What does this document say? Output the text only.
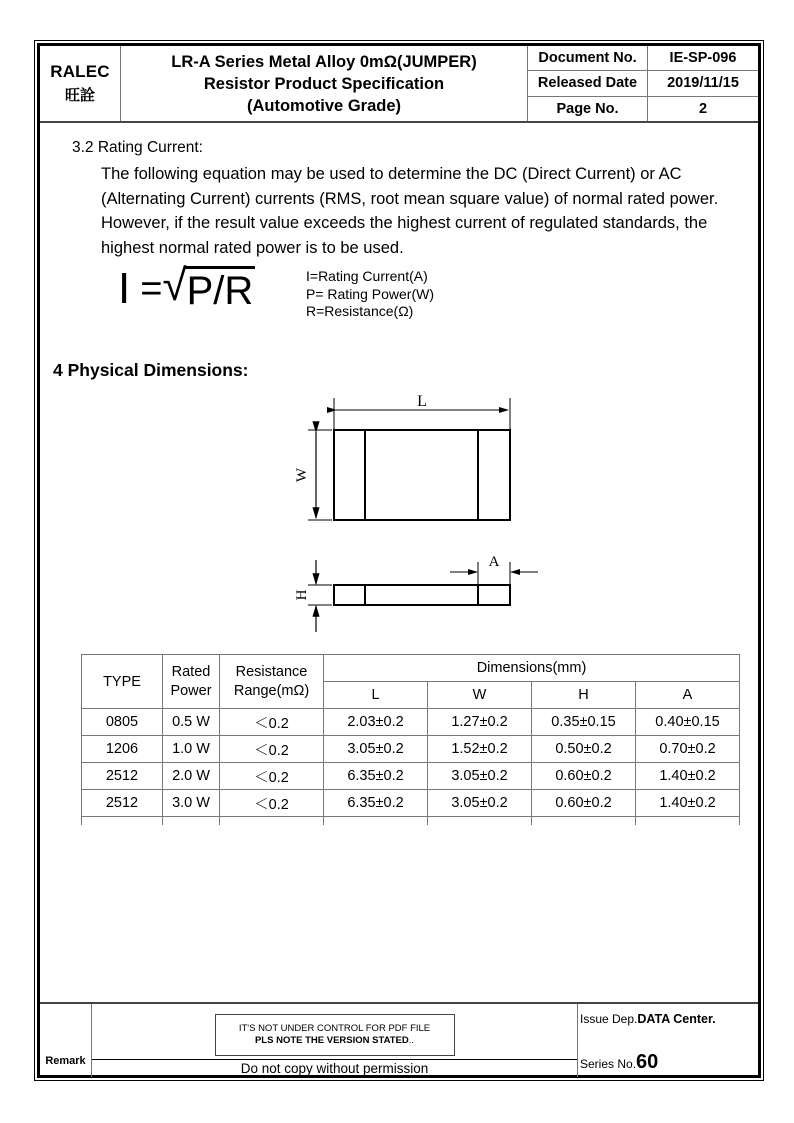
RALEC
旺詮
LR-A Series Metal Alloy 0mΩ(JUMPER)
Resistor Product Specification
(Automotive Grade)
Document No.	IE-SP-096
Released Date	2019/11/15
Page No.	2
3.2 Rating Current:
The following equation may be used to determine the DC (Direct Current) or AC (Alternating Current) currents (RMS, root mean square value) of normal rated power. However, if the result value exceeds the highest current of regulated standards, the highest normal rated power is to be used.
I = √ P/R	I=Rating Current(A)
P= Rating Power(W)
R=Resistance(Ω)
4 Physical Dimensions:
L
W
H
A
TYPE	
Rated
Power

Resistance
Range(mΩ)
	Dimensions(mm)
			L	W	H	A
0805	0.5 W	＜0.2	2.03±0.2	1.27±0.2	0.35±0.15	0.40±0.15
1206	1.0 W	＜0.2	3.05±0.2	1.52±0.2	0.50±0.2	0.70±0.2
2512	2.0 W	＜0.2	6.35±0.2	3.05±0.2	0.60±0.2	1.40±0.2
2512	3.0 W	＜0.2	6.35±0.2	3.05±0.2	0.60±0.2	1.40±0.2

Remark
IT'S NOT UNDER CONTROL FOR PDF FILE
PLS NOTE THE VERSION STATED..
Do not copy without permission
Issue Dep.DATA Center.
Series No.60
